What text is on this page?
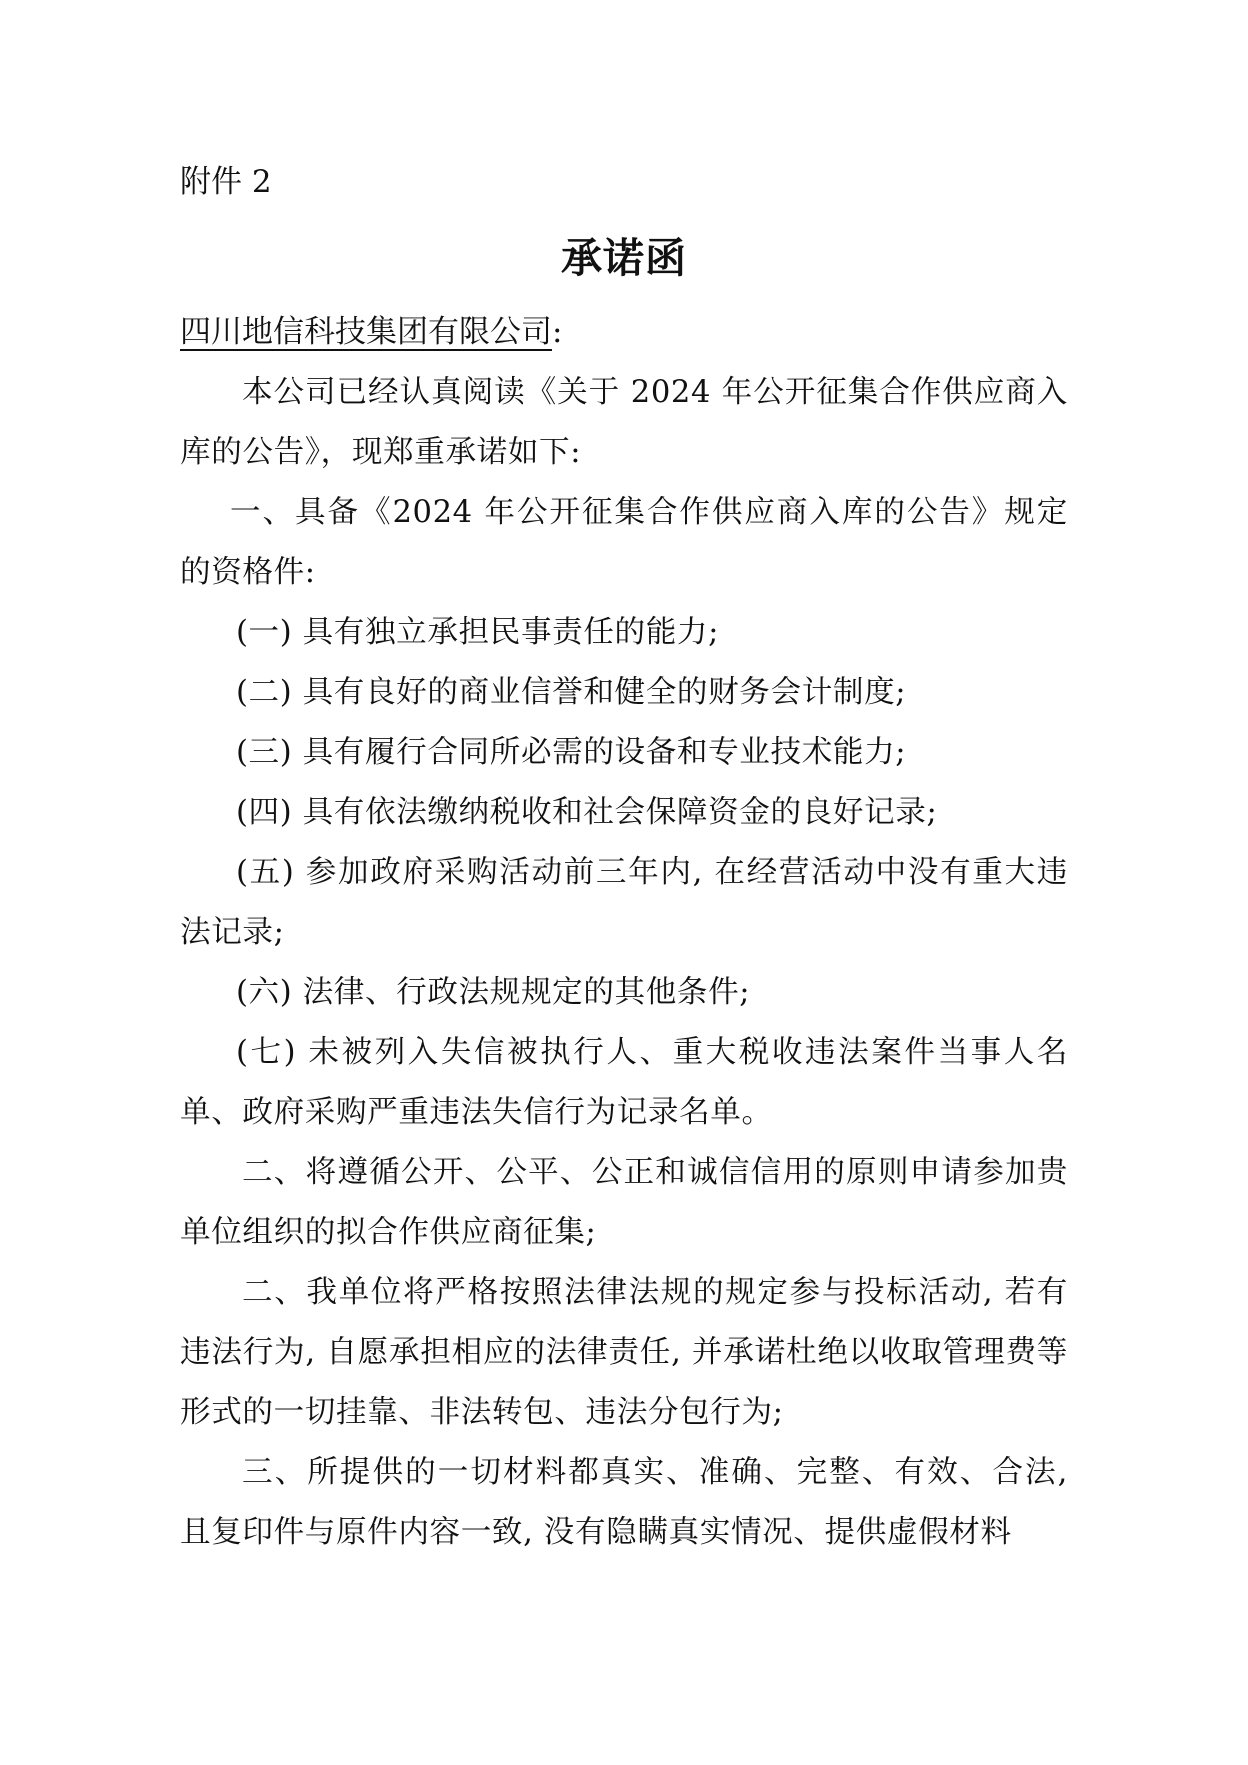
附件 2
承诺函
四川地信科技集团有限公司:

本公司已经认真阅读《关于 2024 年公开征集合作供应商入库的公告》，现郑重承诺如下:

一、具备《2024 年公开征集合作供应商入库的公告》规定的资格件:

(一) 具有独立承担民事责任的能力;

(二) 具有良好的商业信誉和健全的财务会计制度;

(三) 具有履行合同所必需的设备和专业技术能力;

(四) 具有依法缴纳税收和社会保障资金的良好记录;

(五) 参加政府采购活动前三年内, 在经营活动中没有重大违法记录;

(六) 法律、行政法规规定的其他条件;

(七) 未被列入失信被执行人、重大税收违法案件当事人名单、政府采购严重违法失信行为记录名单。

二、将遵循公开、公平、公正和诚信信用的原则申请参加贵单位组织的拟合作供应商征集;

二、我单位将严格按照法律法规的规定参与投标活动, 若有违法行为, 自愿承担相应的法律责任, 并承诺杜绝以收取管理费等形式的一切挂靠、非法转包、违法分包行为;

三、所提供的一切材料都真实、准确、完整、有效、合法, 且复印件与原件内容一致, 没有隐瞒真实情况、提供虚假材料
